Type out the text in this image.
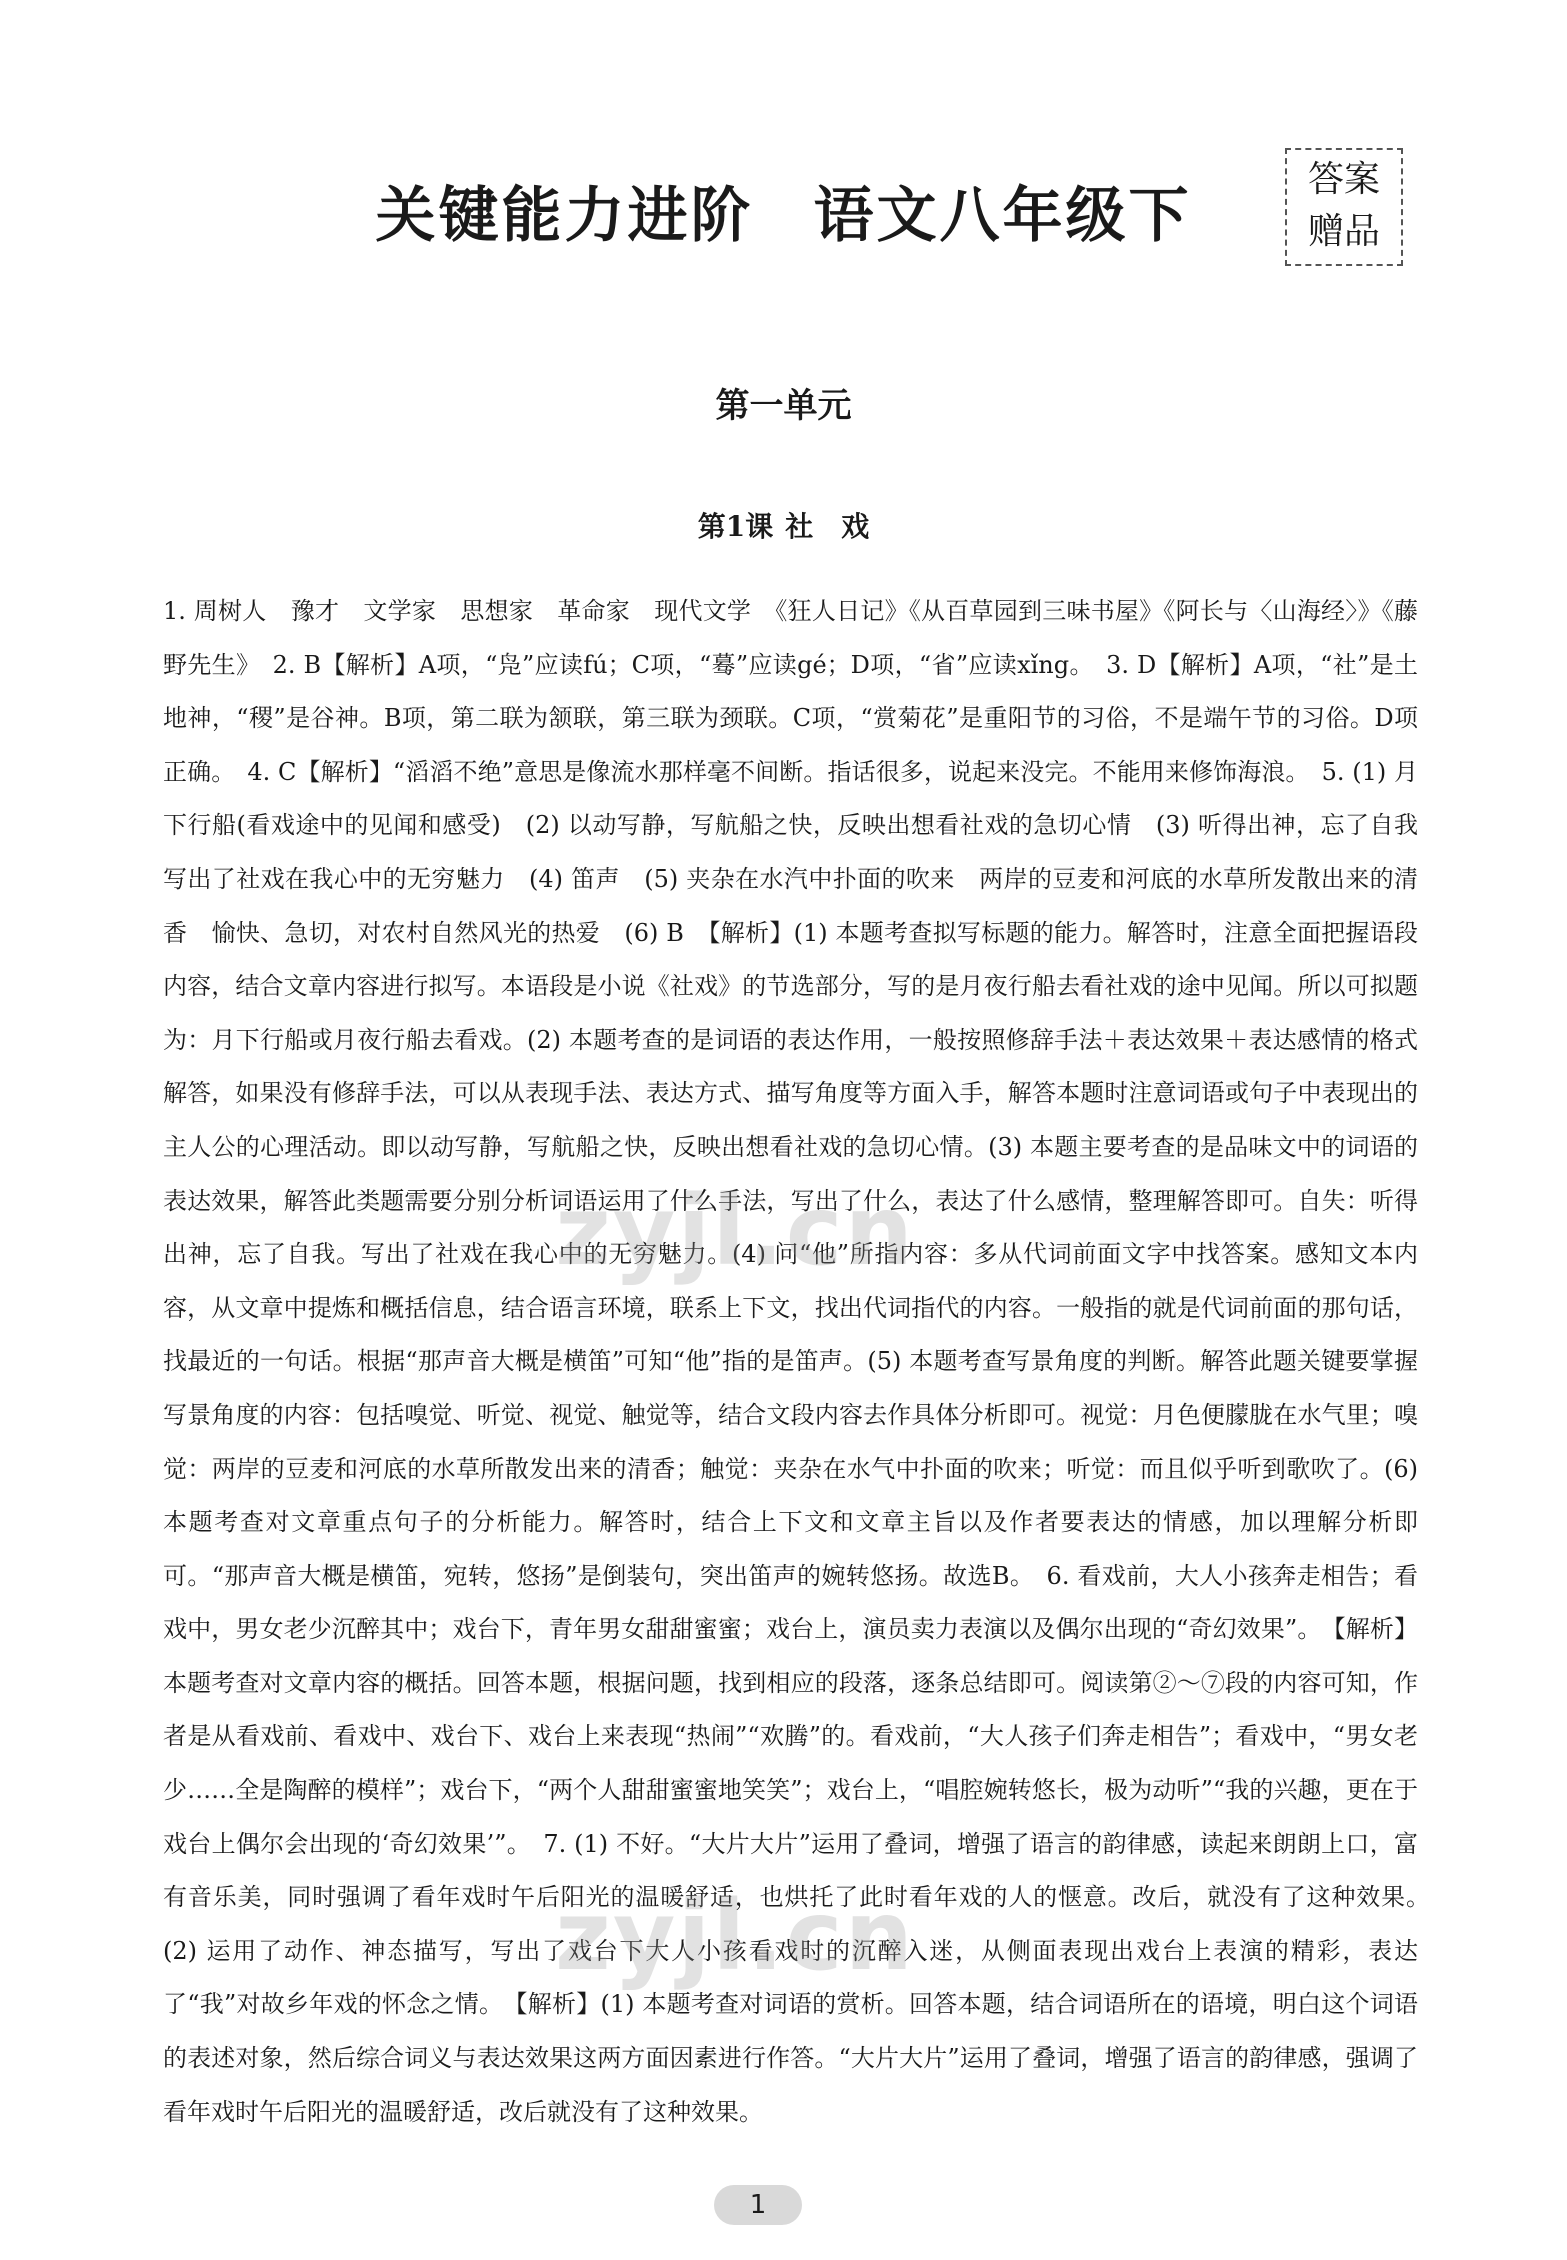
关键能力进阶 语文八年级下
答案
赠品
第一单元
第1课 社　戏

1. 周树人　豫才　文学家　思想家　革命家　现代文学　《狂人日记》《从百草园到三味书屋》《阿长与〈山海经〉》《藤野先生》　2. B【解析】A项，“凫”应读fú；C项，“蓦”应读gé；D项，“省”应读xǐng。　3. D【解析】A项，“社”是土地神，“稷”是谷神。B项，第二联为颔联，第三联为颈联。C项，“赏菊花”是重阳节的习俗，不是端午节的习俗。D项正确。　4. C【解析】“滔滔不绝”意思是像流水那样毫不间断。指话很多，说起来没完。不能用来修饰海浪。　5. (1) 月下行船(看戏途中的见闻和感受)　(2) 以动写静，写航船之快，反映出想看社戏的急切心情　(3) 听得出神，忘了自我　写出了社戏在我心中的无穷魅力　(4) 笛声　(5) 夹杂在水汽中扑面的吹来　两岸的豆麦和河底的水草所发散出来的清香　愉快、急切，对农村自然风光的热爱　(6) B　【解析】(1) 本题考查拟写标题的能力。解答时，注意全面把握语段内容，结合文章内容进行拟写。本语段是小说《社戏》的节选部分，写的是月夜行船去看社戏的途中见闻。所以可拟题为：月下行船或月夜行船去看戏。(2) 本题考查的是词语的表达作用，一般按照修辞手法＋表达效果＋表达感情的格式解答，如果没有修辞手法，可以从表现手法、表达方式、描写角度等方面入手，解答本题时注意词语或句子中表现出的主人公的心理活动。即以动写静，写航船之快，反映出想看社戏的急切心情。(3) 本题主要考查的是品味文中的词语的表达效果，解答此类题需要分别分析词语运用了什么手法，写出了什么，表达了什么感情，整理解答即可。自失：听得出神，忘了自我。写出了社戏在我心中的无穷魅力。(4) 问“他”所指内容：多从代词前面文字中找答案。感知文本内容，从文章中提炼和概括信息，结合语言环境，联系上下文，找出代词指代的内容。一般指的就是代词前面的那句话，找最近的一句话。根据“那声音大概是横笛”可知“他”指的是笛声。(5) 本题考查写景角度的判断。解答此题关键要掌握写景角度的内容：包括嗅觉、听觉、视觉、触觉等，结合文段内容去作具体分析即可。视觉：月色便朦胧在水气里；嗅觉：两岸的豆麦和河底的水草所散发出来的清香；触觉：夹杂在水气中扑面的吹来；听觉：而且似乎听到歌吹了。(6) 本题考查对文章重点句子的分析能力。解答时，结合上下文和文章主旨以及作者要表达的情感，加以理解分析即可。“那声音大概是横笛，宛转，悠扬”是倒装句，突出笛声的婉转悠扬。故选B。　6. 看戏前，大人小孩奔走相告；看戏中，男女老少沉醉其中；戏台下，青年男女甜甜蜜蜜；戏台上，演员卖力表演以及偶尔出现的“奇幻效果”。　【解析】本题考查对文章内容的概括。回答本题，根据问题，找到相应的段落，逐条总结即可。阅读第②～⑦段的内容可知，作者是从看戏前、看戏中、戏台下、戏台上来表现“热闹”“欢腾”的。看戏前，“大人孩子们奔走相告”；看戏中，“男女老少……全是陶醉的模样”；戏台下，“两个人甜甜蜜蜜地笑笑”；戏台上，“唱腔婉转悠长，极为动听”“我的兴趣，更在于戏台上偶尔会出现的‘奇幻效果’”。　7. (1) 不好。“大片大片”运用了叠词，增强了语言的韵律感，读起来朗朗上口，富有音乐美，同时强调了看年戏时午后阳光的温暖舒适，也烘托了此时看年戏的人的惬意。改后，就没有了这种效果。　(2) 运用了动作、神态描写，写出了戏台下大人小孩看戏时的沉醉入迷，从侧面表现出戏台上表演的精彩，表达了“我”对故乡年戏的怀念之情。　【解析】(1) 本题考查对词语的赏析。回答本题，结合词语所在的语境，明白这个词语的表述对象，然后综合词义与表达效果这两方面因素进行作答。“大片大片”运用了叠词，增强了语言的韵律感，强调了看年戏时午后阳光的温暖舒适，改后就没有了这种效果。

zyjl.cn
zyjl.cn
1
